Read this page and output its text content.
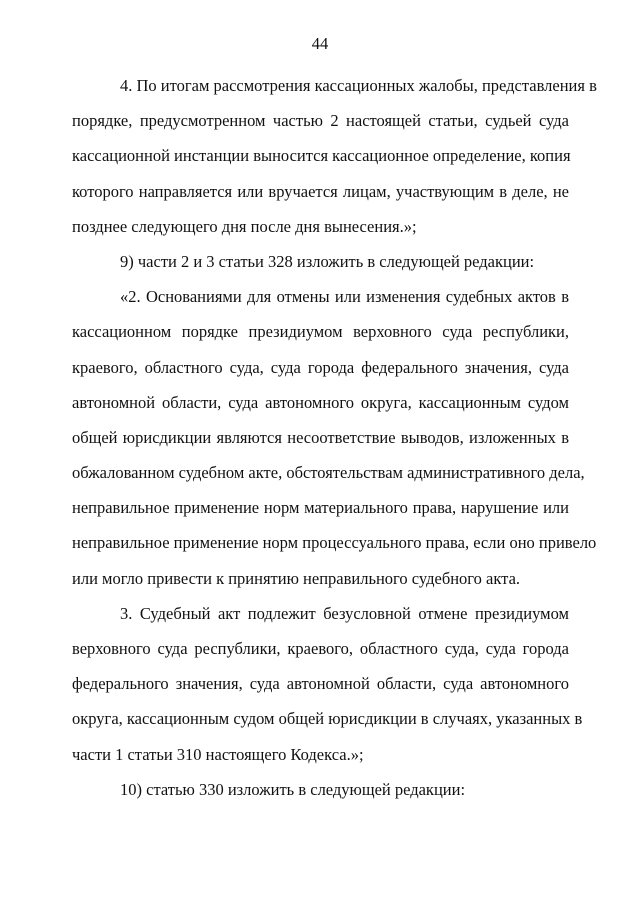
44
4. По итогам рассмотрения кассационных жалобы, представления в
порядке, предусмотренном частью 2 настоящей статьи, судьей суда
кассационной инстанции выносится кассационное определение, копия
которого направляется или вручается лицам, участвующим в деле, не
позднее следующего дня после дня вынесения.»;
9) части 2 и 3 статьи 328 изложить в следующей редакции:
«2. Основаниями для отмены или изменения судебных актов в
кассационном порядке президиумом верховного суда республики,
краевого, областного суда, суда города федерального значения, суда
автономной области, суда автономного округа, кассационным судом
общей юрисдикции являются несоответствие выводов, изложенных в
обжалованном судебном акте, обстоятельствам административного дела,
неправильное применение норм материального права, нарушение или
неправильное применение норм процессуального права, если оно привело
или могло привести к принятию неправильного судебного акта.
3. Судебный акт подлежит безусловной отмене президиумом
верховного суда республики, краевого, областного суда, суда города
федерального значения, суда автономной области, суда автономного
округа, кассационным судом общей юрисдикции в случаях, указанных в
части 1 статьи 310 настоящего Кодекса.»;
10) статью 330 изложить в следующей редакции:
